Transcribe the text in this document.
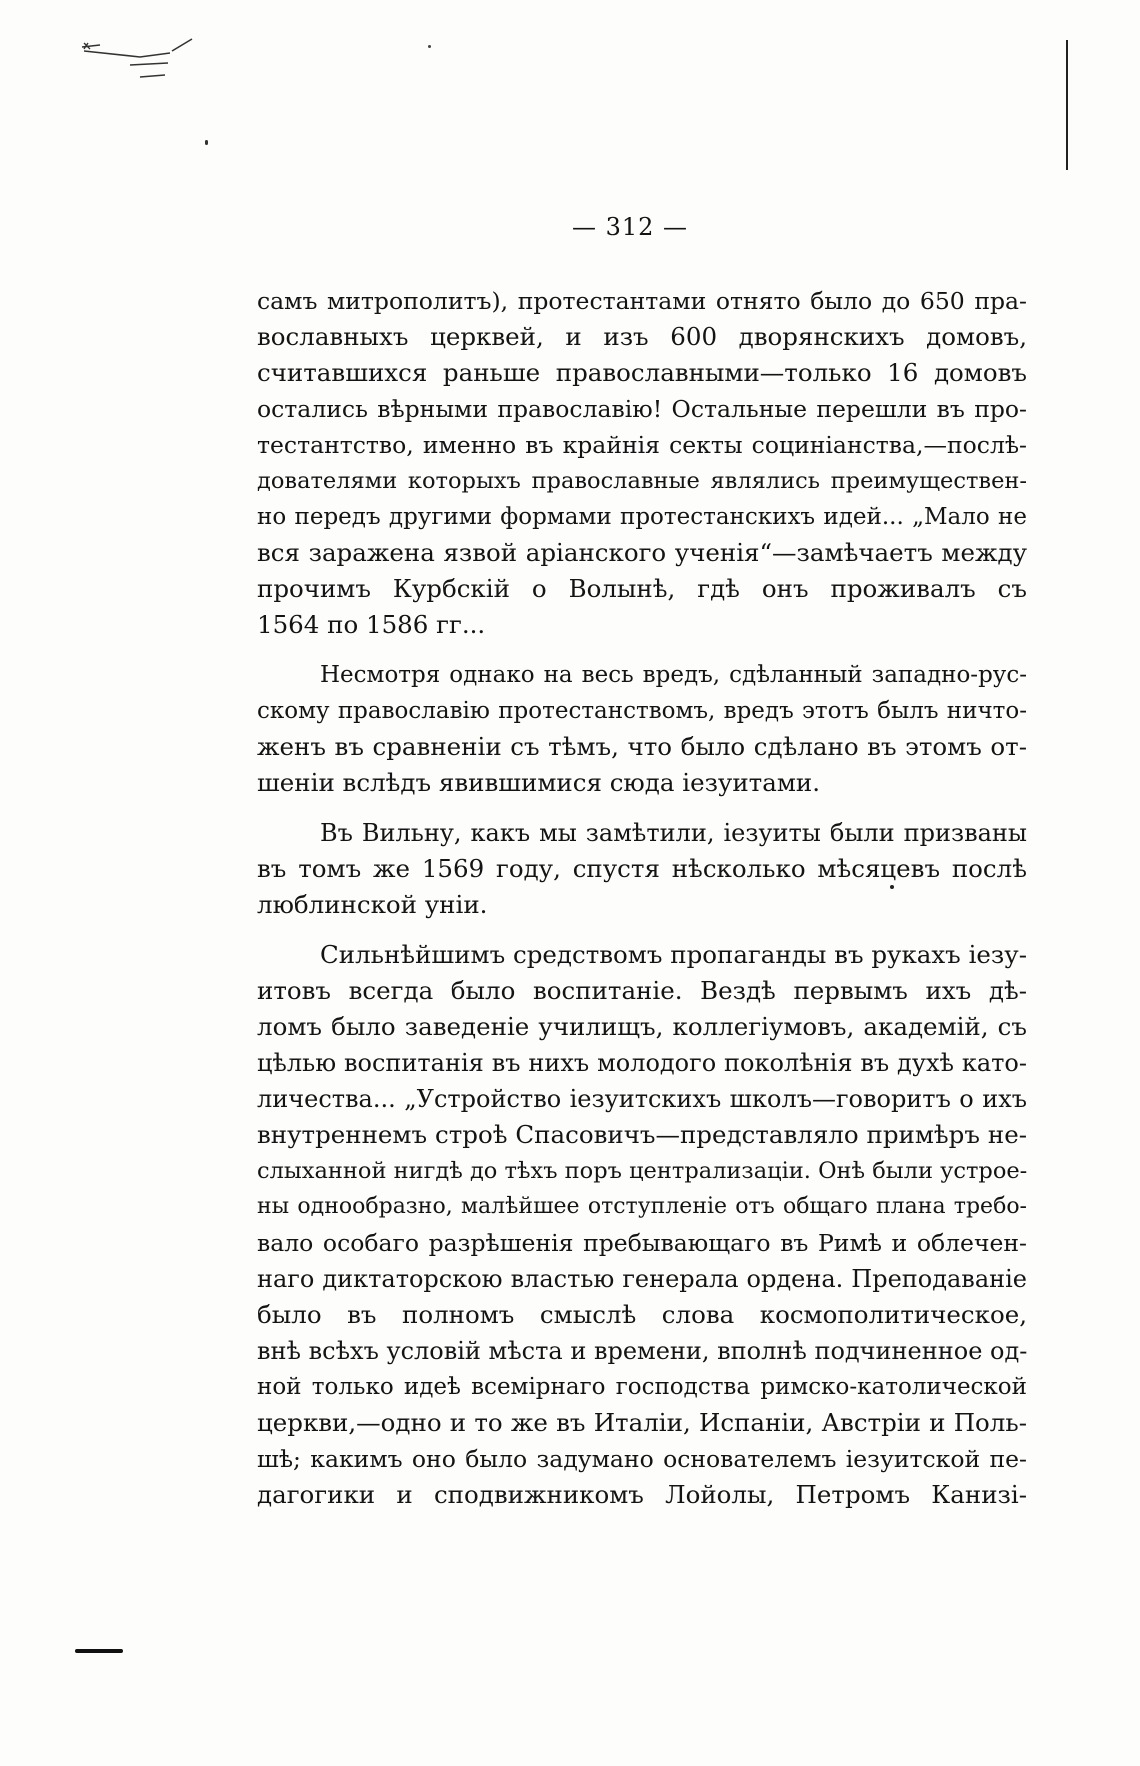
— 312 —
самъ митрополитъ), протестантами отнято было до 650 пра-
вославныхъ церквей, и изъ 600 дворянскихъ домовъ,
считавшихся раньше православными—только 16 домовъ
остались вѣрными православію! Остальные перешли въ про-
тестантство, именно въ крайнія секты социніанства,—послѣ-
дователями которыхъ православные являлись преимуществен-
но передъ другими формами протестанскихъ идей... „Мало не
вся заражена язвой аріанского ученія“—замѣчаетъ между
прочимъ Курбскій о Волынѣ, гдѣ онъ проживалъ съ
1564 по 1586 гг...
Несмотря однако на весь вредъ, сдѣланный западно-рус-
скому православію протестанствомъ, вредъ этотъ былъ ничто-
женъ въ сравненіи съ тѣмъ, что было сдѣлано въ этомъ от-
шеніи вслѣдъ явившимися сюда іезуитами.
Въ Вильну, какъ мы замѣтили, іезуиты были призваны
въ томъ же 1569 году, спустя нѣсколько мѣсяцевъ послѣ
люблинской уніи.
Сильнѣйшимъ средствомъ пропаганды въ рукахъ іезу-
итовъ всегда было воспитаніе. Вездѣ первымъ ихъ дѣ-
ломъ было заведеніе училищъ, коллегіумовъ, академій, съ
цѣлью воспитанія въ нихъ молодого поколѣнія въ духѣ като-
личества... „Устройство іезуитскихъ школъ—говоритъ о ихъ
внутреннемъ строѣ Спасовичъ—представляло примѣръ не-
слыханной нигдѣ до тѣхъ поръ централизаціи. Онѣ были устрое-
ны однообразно, малѣйшее отступленіе отъ общаго плана требо-
вало особаго разрѣшенія пребывающаго въ Римѣ и облечен-
наго диктаторскою властью генерала ордена. Преподаваніе
было въ полномъ смыслѣ слова космополитическое,
внѣ всѣхъ условій мѣста и времени, вполнѣ подчиненное од-
ной только идеѣ всемірнаго господства римско-католической
церкви,—одно и то же въ Италіи, Испаніи, Австріи и Поль-
шѣ; какимъ оно было задумано основателемъ іезуитской пе-
дагогики и сподвижникомъ Лойолы, Петромъ Канизі-
